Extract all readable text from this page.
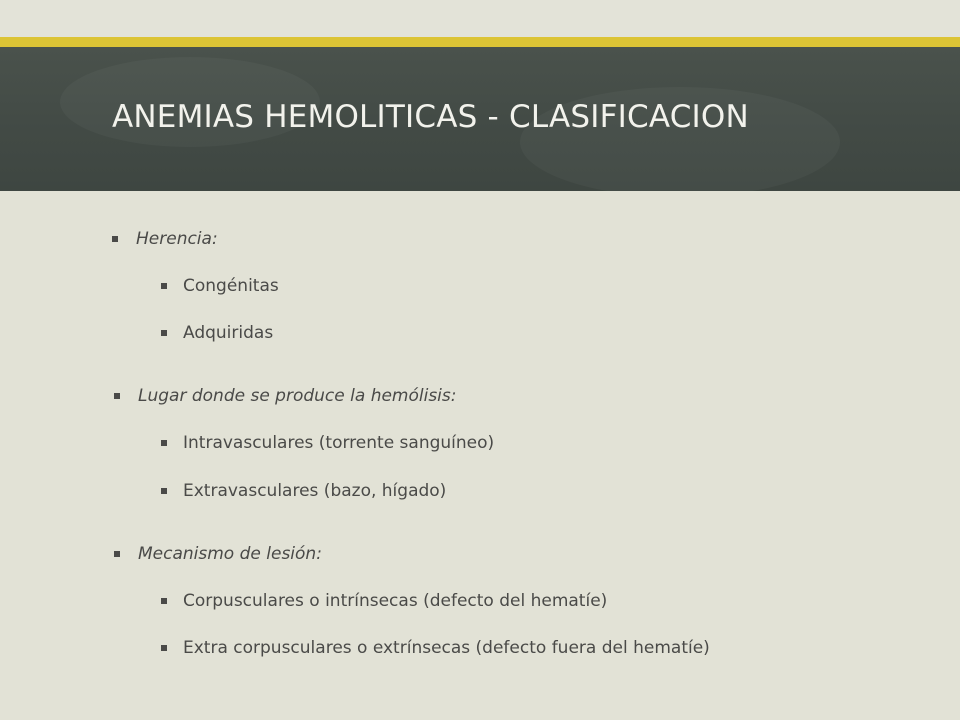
ANEMIAS HEMOLITICAS - CLASIFICACION
Herencia:
Congénitas
Adquiridas
Lugar donde se produce la hemólisis:
Intravasculares (torrente sanguíneo)
Extravasculares (bazo, hígado)
Mecanismo de lesión:
Corpusculares o intrínsecas (defecto del hematíe)
Extra corpusculares o extrínsecas (defecto fuera del hematíe)
